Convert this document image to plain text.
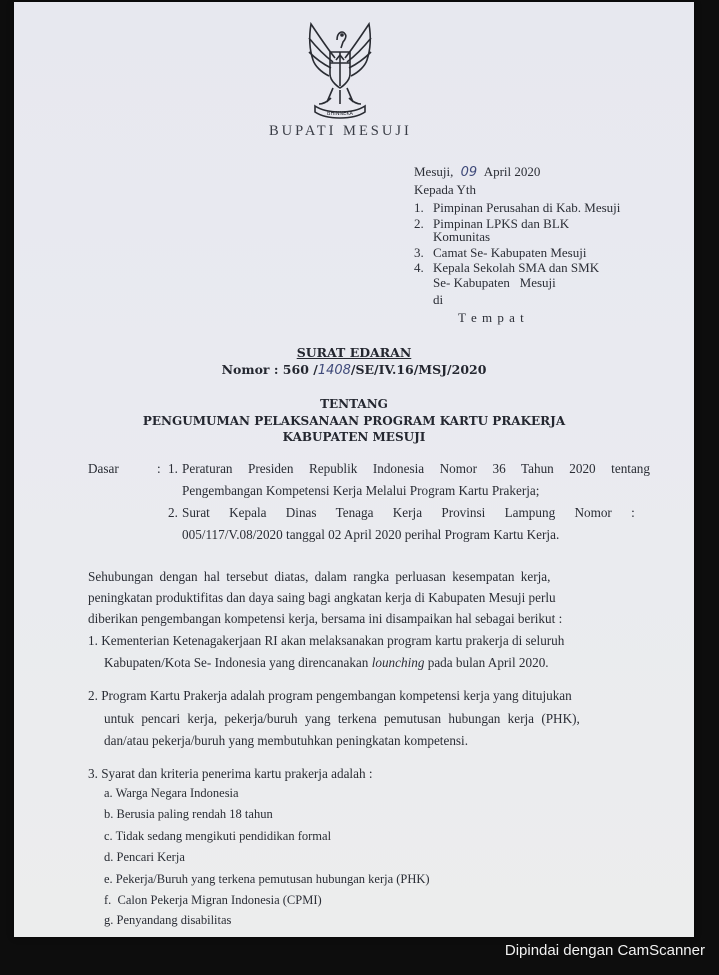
BHINNEKA
BUPATI MESUJI
Mesuji, 09 April 2020
Kepada Yth
1. Pimpinan Perusahan di Kab. Mesuji
2. Pimpinan LPKS dan BLK
Komunitas
3. Camat Se- Kabupaten Mesuji
4. Kepala Sekolah SMA dan SMK
Se- Kabupaten   Mesuji
di
T e m p a t
SURAT EDARAN
Nomor : 560 /1408/SE/IV.16/MSJ/2020
TENTANG
PENGUMUMAN PELAKSANAAN PROGRAM KARTU PRAKERJA
KABUPATEN MESUJI
Dasar	: 1. Peraturan Presiden Republik Indonesia Nomor 36 Tahun 2020 tentang
Pengembangan Kompetensi Kerja Melalui Program Kartu Prakerja;
2. Surat Kepala Dinas Tenaga Kerja Provinsi Lampung Nomor :
005/117/V.08/2020 tanggal 02 April 2020 perihal Program Kartu Kerja.
Sehubungan dengan hal tersebut diatas, dalam rangka perluasan kesempatan kerja,
peningkatan produktifitas dan daya saing bagi angkatan kerja di Kabupaten Mesuji perlu
diberikan pengembangan kompetensi kerja, bersama ini disampaikan hal sebagai berikut :
1. Kementerian Ketenagakerjaan RI akan melaksanakan program kartu prakerja di seluruh
Kabupaten/Kota Se- Indonesia yang direncanakan lounching pada bulan April 2020.
2. Program Kartu Prakerja adalah program pengembangan kompetensi kerja yang ditujukan
untuk pencari kerja, pekerja/buruh yang terkena pemutusan hubungan kerja (PHK),
dan/atau pekerja/buruh yang membutuhkan peningkatan kompetensi.
3. Syarat dan kriteria penerima kartu prakerja adalah :
a. Warga Negara Indonesia
b. Berusia paling rendah 18 tahun
c. Tidak sedang mengikuti pendidikan formal
d. Pencari Kerja
e. Pekerja/Buruh yang terkena pemutusan hubungan kerja (PHK)
f.  Calon Pekerja Migran Indonesia (CPMI)
g. Penyandang disabilitas
Dipindai dengan CamScanner
